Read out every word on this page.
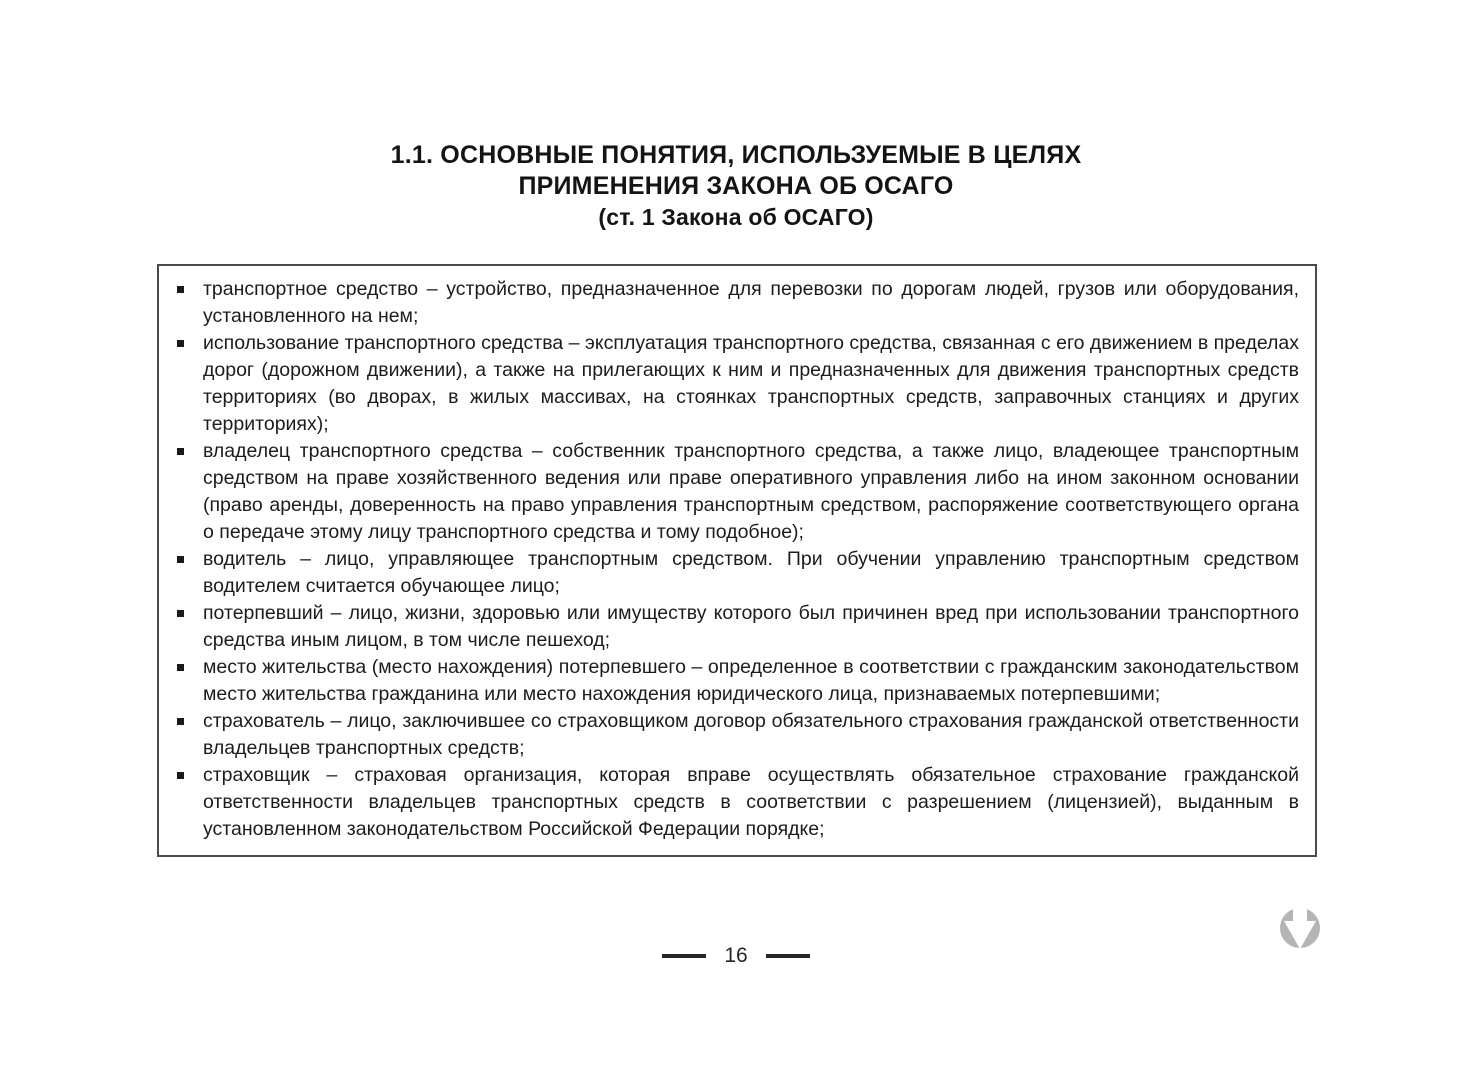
1.1. ОСНОВНЫЕ ПОНЯТИЯ, ИСПОЛЬЗУЕМЫЕ В ЦЕЛЯХ
ПРИМЕНЕНИЯ ЗАКОНА ОБ ОСАГО
(ст. 1 Закона об ОСАГО)
транспортное средство – устройство, предназначенное для перевозки по дорогам людей, грузов или оборудования, установленного на нем;
использование транспортного средства – эксплуатация транспортного средства, связанная с его движением в пределах дорог (дорожном движении), а также на прилегающих к ним и предназначенных для движения транспортных средств территориях (во дворах, в жилых массивах, на стоянках транспортных средств, заправочных станциях и других территориях);
владелец транспортного средства – собственник транспортного средства, а также лицо, владеющее транспортным средством на праве хозяйственного ведения или праве оперативного управления либо на ином законном основании (право аренды, доверенность на право управления транспортным средством, распоряжение соответствующего органа о передаче этому лицу транспортного средства и тому подобное);
водитель – лицо, управляющее транспортным средством. При обучении управлению транспортным средством водителем считается обучающее лицо;
потерпевший – лицо, жизни, здоровью или имуществу которого был причинен вред при использовании транспортного средства иным лицом, в том числе пешеход;
место жительства (место нахождения) потерпевшего – определенное в соответствии с гражданским законодательством место жительства гражданина или место нахождения юридического лица, признаваемых потерпевшими;
страхователь – лицо, заключившее со страховщиком договор обязательного страхования гражданской ответственности владельцев транспортных средств;
страховщик – страховая организация, которая вправе осуществлять обязательное страхование гражданской ответственности владельцев транспортных средств в соответствии с разрешением (лицензией), выданным в установленном законодательством Российской Федерации порядке;
16
